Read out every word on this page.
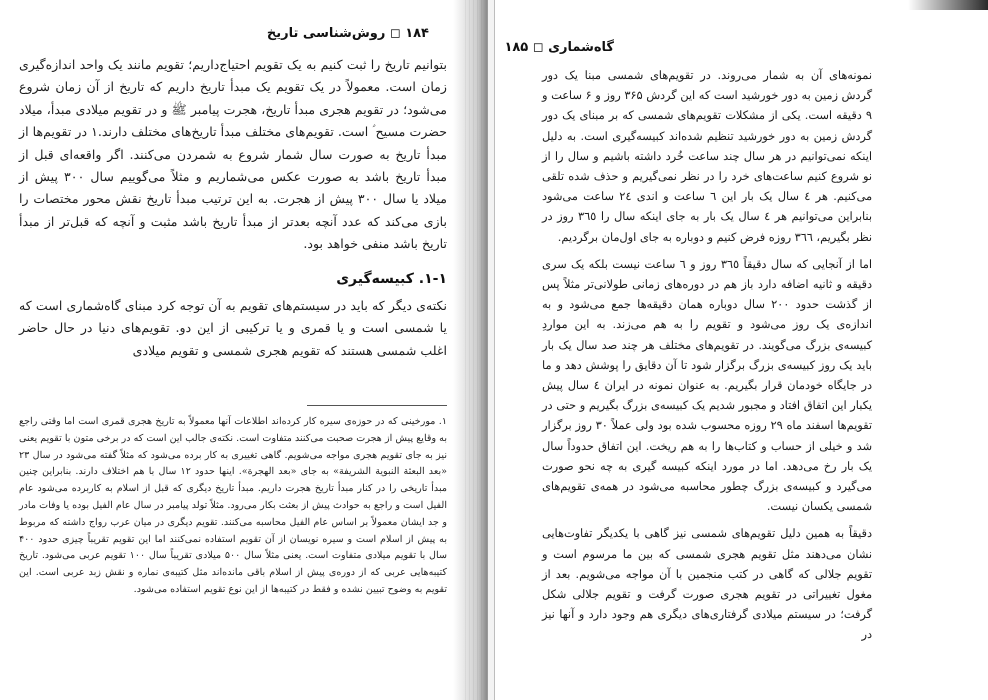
۱۸۴ ◻ روش‌شناسی تاریخ

بتوانیم تاریخ را ثبت کنیم به یک تقویم احتیاج‌داریم؛ تقویم مانند یک واحد اندازه‌گیری زمان است. معمولاً در یک تقویم یک مبدأ تاریخ داریم که تاریخ از آن زمان شروع می‌شود؛ در تقویم هجری مبدأ تاریخ، هجرت پیامبر ﷺ و در تقویم میلادی مبدأ، میلاد حضرت مسیح ؑ است. تقویم‌های مختلف مبدأ تاریخ‌های مختلف دارند.۱ در تقویم‌ها از مبدأ تاریخ به صورت سال شمار شروع به شمردن می‌کنند. اگر واقعه‌ای قبل از مبدأ تاریخ باشد به صورت عکس می‌شماریم و مثلاً می‌گوییم سال ۳۰۰ پیش از میلاد یا سال ۳۰۰ پیش از هجرت. به این ترتیب مبدأ تاریخ نقش محور مختصات را بازی می‌کند که عدد آنچه بعدتر از مبدأ تاریخ باشد مثبت و آنچه که قبل‌تر از مبدأ تاریخ باشد منفی خواهد بود.

۱-۱. کبیسه‌گیری

نکته‌ی دیگر که باید در سیستم‌های تقویم به آن توجه کرد مبنای گاه‌شماری است که یا شمسی است و یا قمری و یا ترکیبی از این دو. تقویم‌های دنیا در حال حاضر اغلب شمسی هستند که تقویم هجری شمسی و تقویم میلادی

۱. مورخینی که در حوزه‌ی سیره کار کرده‌اند اطلاعات آنها معمولاً به تاریخ هجری قمری است اما وقتی راجع به وقایع پیش از هجرت صحبت می‌کنند متفاوت است. نکته‌ی جالب این است که در برخی متون با تقویم یعنی نیز به جای تقویم هجری مواجه می‌شویم. گاهی تغییری به کار برده می‌شود که مثلاً گفته می‌شود در سال ۲۳ «بعد البعثة النبوية الشريفة» به جای «بعد الهجرة». اینها حدود ۱۲ سال با هم اختلاف دارند. بنابراین چنین مبدأ تاریخی را در کنار مبدأ تاریخ هجرت داریم. مبدأ تاریخ دیگری که قبل از اسلام به کاربرده می‌شود عام الفیل است و راجع به حوادث پیش از بعثت بکار می‌رود. مثلاً تولد پیامبر در سال عام الفیل بوده یا وفات مادر و جد ایشان معمولاً بر اساس عام الفیل محاسبه می‌کنند. تقویم دیگری در میان عرب رواج داشته که مربوط به پیش از اسلام است و سیره نویسان از آن تقویم استفاده نمی‌کنند اما این تقویم تقریباً چیزی حدود ۴۰۰ سال با تقویم میلادی متفاوت است. یعنی مثلاً سال ۵۰۰ میلادی تقریباً سال ۱۰۰ تقویم عربی می‌شود. تاریخ کتیبه‌هایی عربی که از دوره‌ی پیش از اسلام باقی مانده‌اند مثل کتیبه‌ی نماره و نقش زبد عربی است. این تقویم به وضوح تبیین نشده و فقط در کتیبه‌ها از این نوع تقویم استفاده می‌شود.

گاه‌شماری ◻ ۱۸۵

نمونه‌های آن به شمار می‌روند. در تقویم‌های شمسی مبنا یک دور گردش زمین به دور خورشید است که این گردش ۳۶۵ روز و ۶ ساعت و ۹ دقیقه است. یکی از مشکلات تقویم‌های شمسی که بر مبنای یک دور گردش زمین به دور خورشید تنظیم شده‌اند کبیسه‌گیری است. به دلیل اینکه نمی‌توانیم در هر سال چند ساعت خُرد داشته باشیم و سال را از نو شروع کنیم ساعت‌های خرد را در نظر نمی‌گیریم و حذف شده تلقی می‌کنیم. هر ٤ سال یک بار این ٦ ساعت و اندی ٢٤ ساعت می‌شود بنابراین می‌توانیم هر ٤ سال یک بار به جای اینکه سال را ٣٦٥ روز در نظر بگیریم، ٣٦٦ روزه فرض کنیم و دوباره به جای اول‌مان برگردیم.

اما از آنجایی که سال دقیقاً ٣٦٥ روز و ٦ ساعت نیست بلکه یک سری دقیقه و ثانیه اضافه دارد باز هم در دوره‌های زمانی طولانی‌تر مثلاً پس از گذشت حدود ٢٠٠ سال دوباره همان دقیقه‌ها جمع می‌شود و به اندازه‌ی یک روز می‌شود و تقویم را به هم می‌زند. به این مواردِ کبیسه‌ی بزرگ می‌گویند. در تقویم‌های مختلف هر چند صد سال یک بار باید یک روز کبیسه‌ی بزرگ برگزار شود تا آن دقایق را پوشش دهد و ما در جایگاه خودمان قرار بگیریم. به عنوان نمونه در ایران ٤ سال پیش یکبار این اتفاق افتاد و مجبور شدیم یک کبیسه‌ی بزرگ بگیریم و حتی در تقویم‌ها اسفند ماه ٢٩ روزه محسوب شده بود ولی عملاً ٣٠ روز برگزار شد و خیلی از حساب و کتاب‌ها را به هم ریخت. این اتفاق حدوداً سال یک بار رخ می‌دهد. اما در مورد اینکه کبیسه گیری به چه نحو صورت می‌گیرد و کبیسه‌ی بزرگ چطور محاسبه می‌شود در همه‌ی تقویم‌های شمسی یکسان نیست.

دقیقاً به همین دلیل تقویم‌های شمسی نیز گاهی با یکدیگر تفاوت‌هایی نشان می‌دهند مثل تقویم هجری شمسی که بین ما مرسوم است و تقویم جلالی که گاهی در کتب منجمین با آن مواجه می‌شویم. بعد از مغول تغییراتی در تقویم هجری صورت گرفت و تقویم جلالی شکل گرفت؛ در سیستم میلادی گرفتاری‌های دیگری هم وجود دارد و آنها نیز در
